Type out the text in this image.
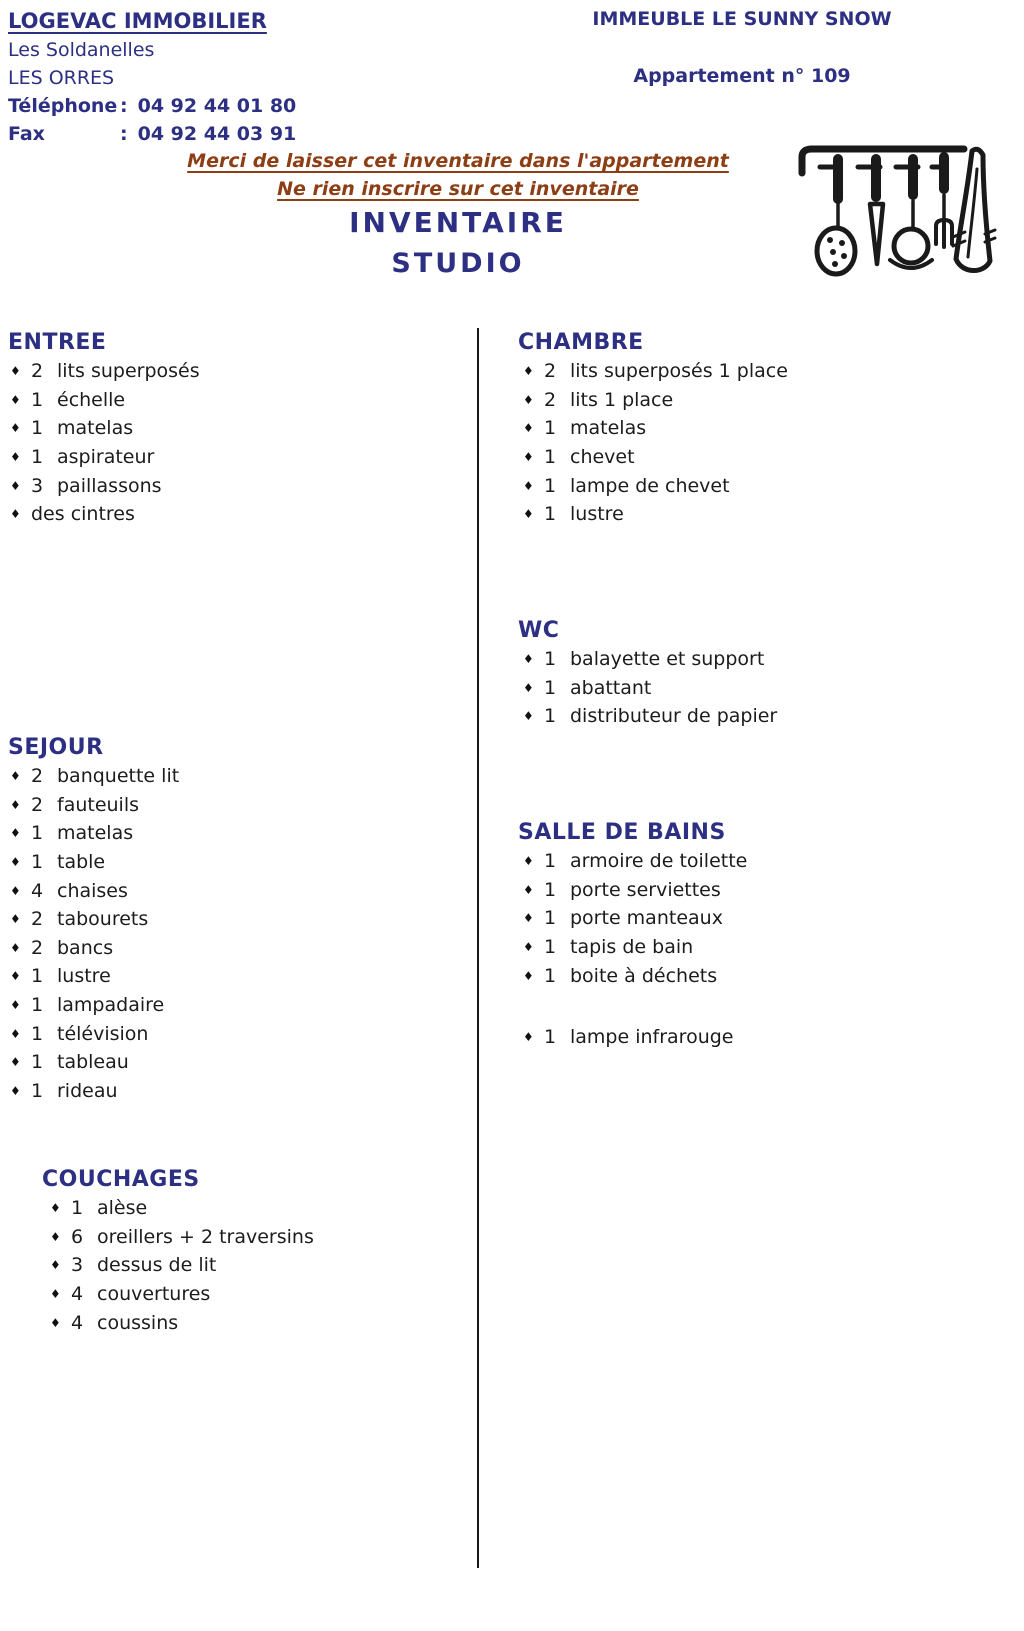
LOGEVAC IMMOBILIER
Les Soldanelles
LES ORRES
Téléphone : 04 92 44 01 80
Fax	: 04 92 44 03 91
IMMEUBLE LE SUNNY SNOW
Appartement n° 109
Merci de laisser cet inventaire dans l'appartement
Ne rien inscrire sur cet inventaire
INVENTAIRE
STUDIO
ENTREE
♦ 2 lits superposés
♦ 1 échelle
♦ 1 matelas
♦ 1 aspirateur
♦ 3 paillassons
♦ des cintres
SEJOUR
♦ 2 banquette lit
♦ 2 fauteuils
♦ 1 matelas
♦ 1 table
♦ 4 chaises
♦ 2 tabourets
♦ 2 bancs
♦ 1 lustre
♦ 1 lampadaire
♦ 1 télévision
♦ 1 tableau
♦ 1 rideau
COUCHAGES
♦ 1 alèse
♦ 6 oreillers + 2 traversins
♦ 3 dessus de lit
♦ 4 couvertures
♦ 4 coussins
CHAMBRE
♦ 2 lits superposés 1 place
♦ 2 lits 1 place
♦ 1 matelas
♦ 1 chevet
♦ 1 lampe de chevet
♦ 1 lustre
WC
♦ 1 balayette et support
♦ 1 abattant
♦ 1 distributeur de papier
SALLE DE BAINS
♦ 1 armoire de toilette
♦ 1 porte serviettes
♦ 1 porte manteaux
♦ 1 tapis de bain
♦ 1 boite à déchets
♦ 1 lampe infrarouge
